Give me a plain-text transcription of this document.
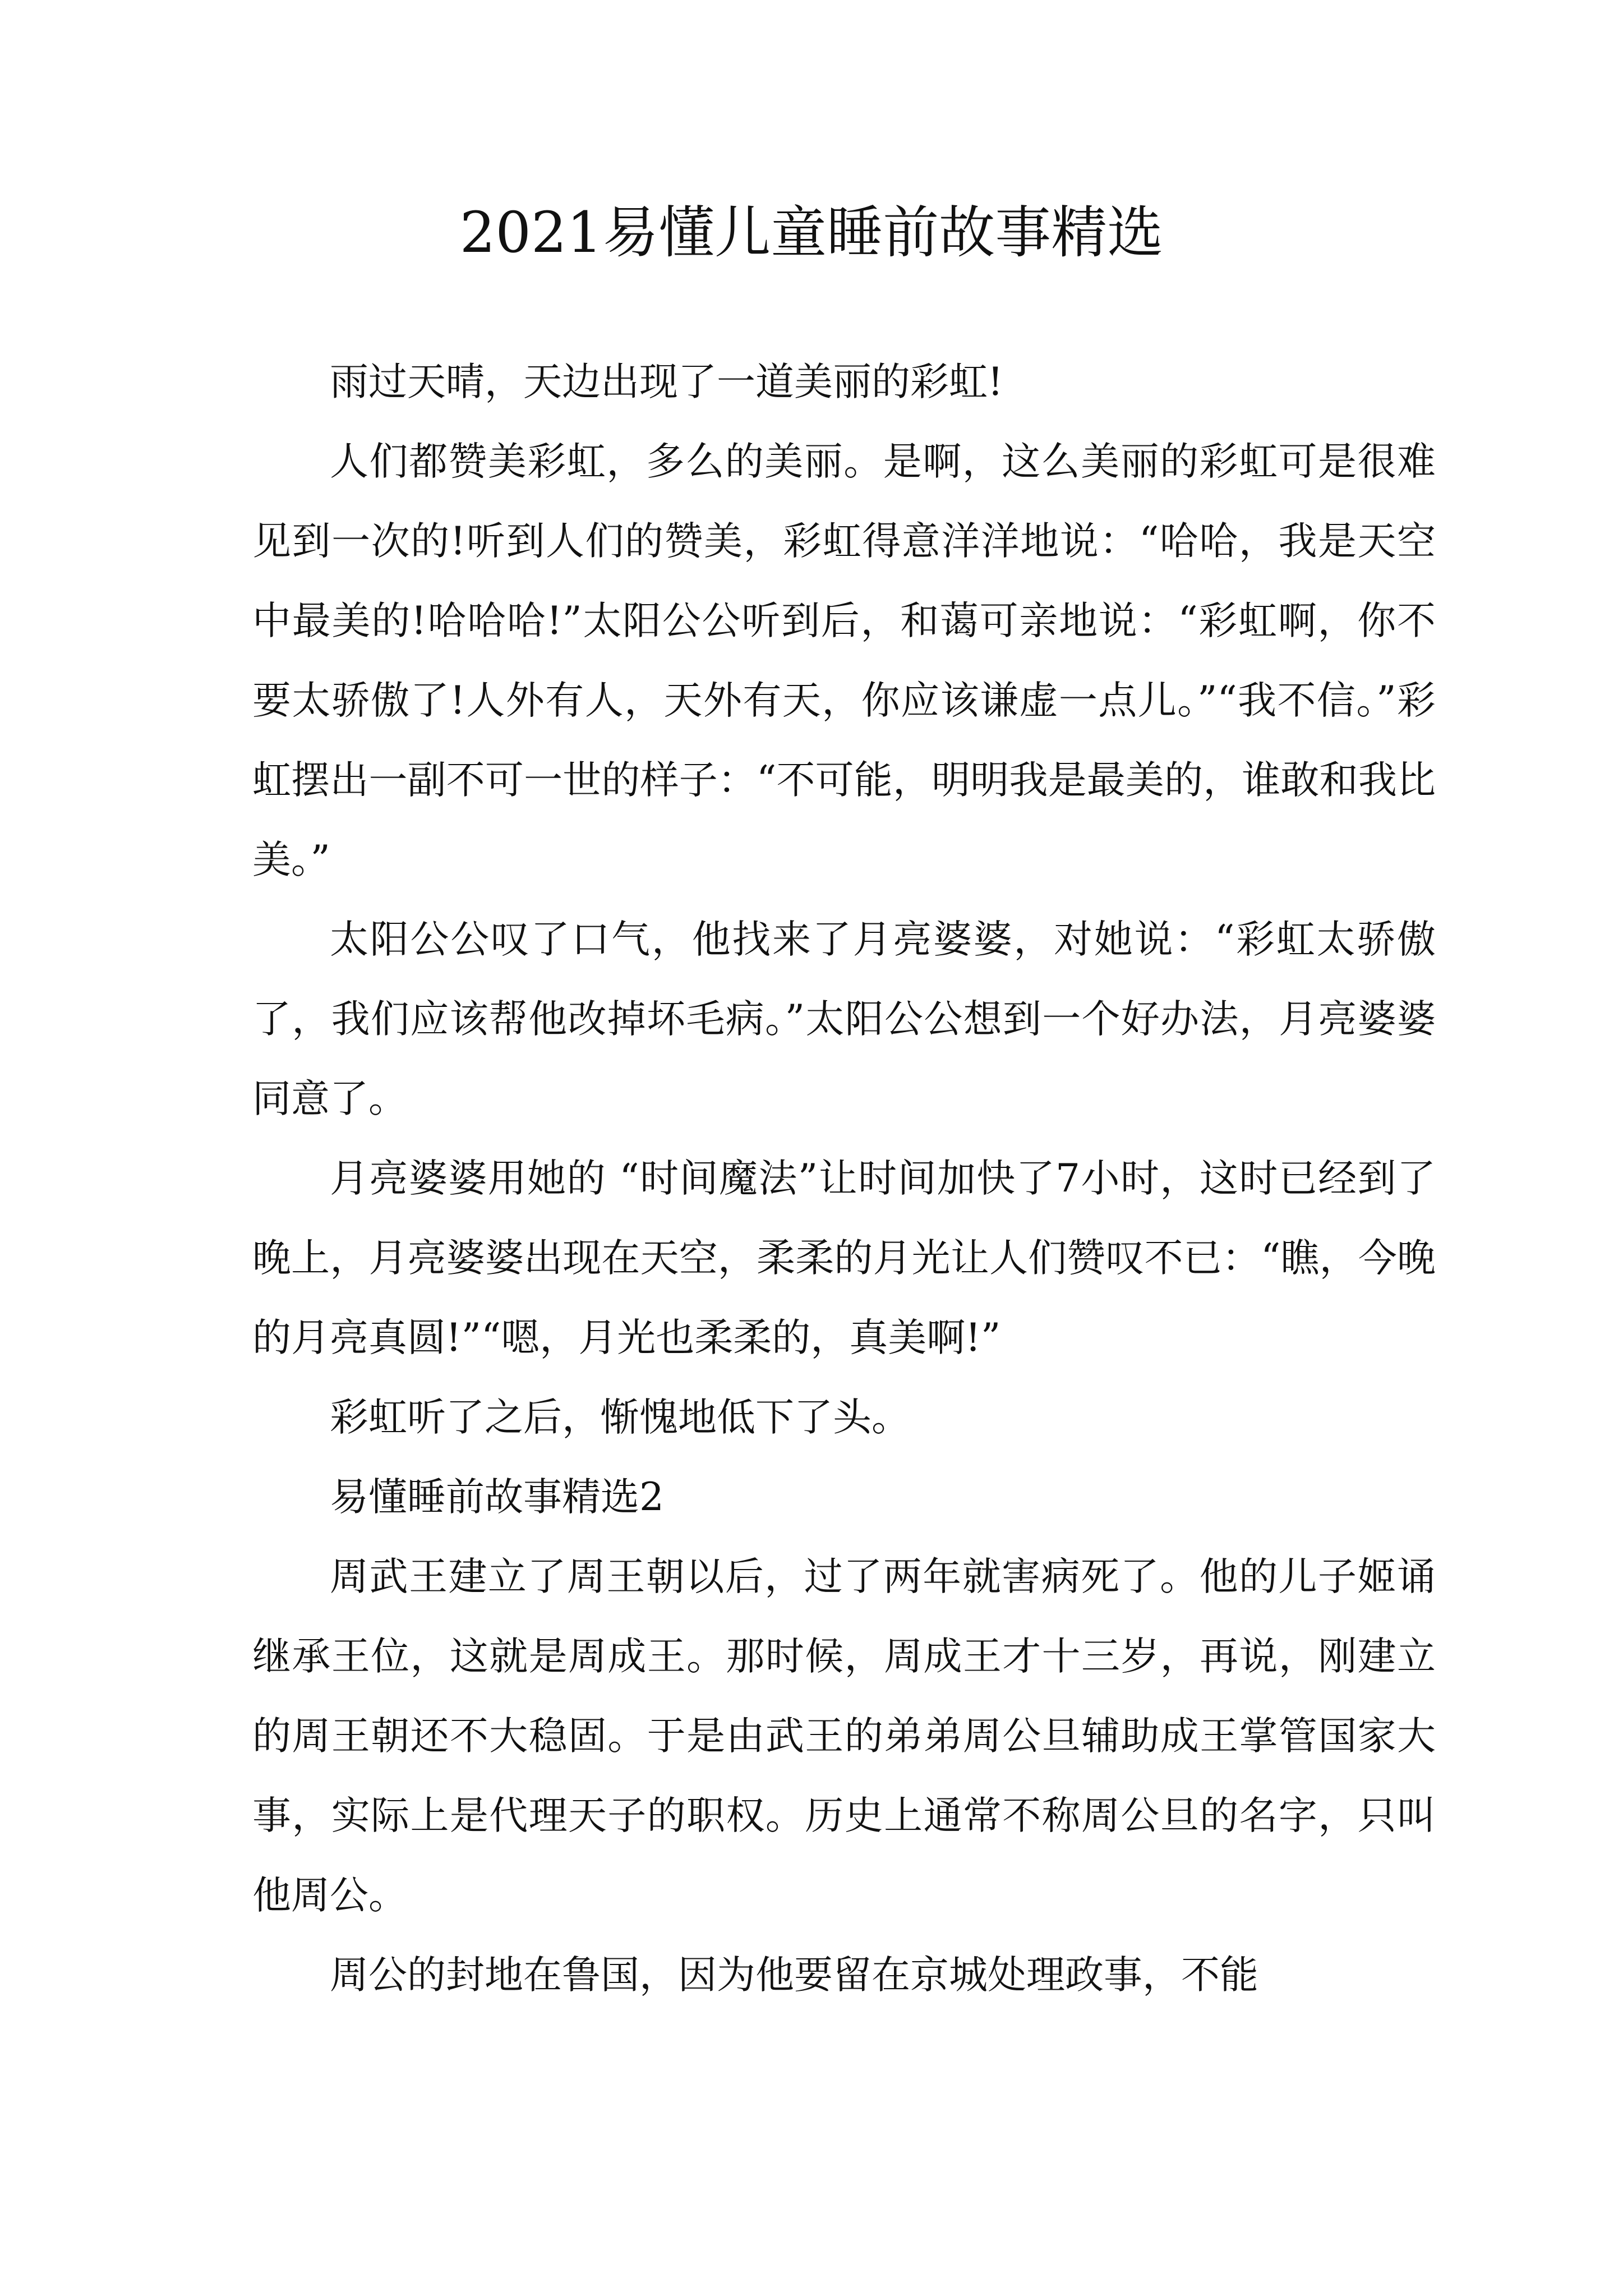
2021易懂儿童睡前故事精选

雨过天晴，天边出现了一道美丽的彩虹!

人们都赞美彩虹，多么的美丽。是啊，这么美丽的彩虹可是很难见到一次的!听到人们的赞美，彩虹得意洋洋地说：“哈哈，我是天空中最美的!哈哈哈!”太阳公公听到后，和蔼可亲地说：“彩虹啊，你不要太骄傲了!人外有人，天外有天，你应该谦虚一点儿。”“我不信。”彩虹摆出一副不可一世的样子：“不可能，明明我是最美的，谁敢和我比美。”

太阳公公叹了口气，他找来了月亮婆婆，对她说：“彩虹太骄傲了，我们应该帮他改掉坏毛病。”太阳公公想到一个好办法，月亮婆婆同意了。

月亮婆婆用她的 “时间魔法”让时间加快了7小时，这时已经到了晚上，月亮婆婆出现在天空，柔柔的月光让人们赞叹不已：“瞧，今晚的月亮真圆!”“嗯，月光也柔柔的，真美啊!”

彩虹听了之后，惭愧地低下了头。

易懂睡前故事精选2

周武王建立了周王朝以后，过了两年就害病死了。他的儿子姬诵继承王位，这就是周成王。那时候，周成王才十三岁，再说，刚建立的周王朝还不大稳固。于是由武王的弟弟周公旦辅助成王掌管国家大事，实际上是代理天子的职权。历史上通常不称周公旦的名字，只叫他周公。

周公的封地在鲁国，因为他要留在京城处理政事，不能
